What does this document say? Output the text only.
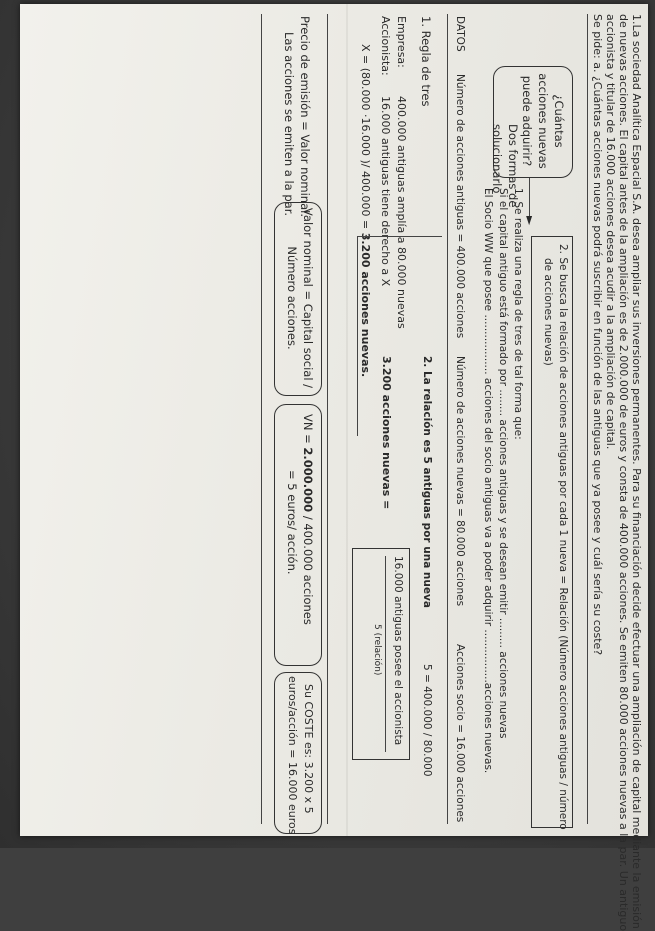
1.La sociedad Analítica Espacial S.A. desea ampliar sus inversiones permanentes. Para su financiación decide efectuar una ampliación de capital mediante la emisión
de nuevas acciones. El capital antes de la ampliación es de 2.000.000 de euros y consta de 400.000 acciones. Se emiten 80.000 acciones nuevas a la par. Un antiguo
accionista y titular de 16.000 acciones desea acudir a la ampliación de capital.
Se pide: a. ¿Cuántas acciones nuevas podrá suscribir en función de las antiguas que ya posee y cuál sería su coste?
¿Cuántas
acciones nuevas
puede adquirir?
►
Dos formas de
solucionarlo
2. Se busca la relación de acciones antiguas por cada 1 nueva = Relación (Número acciones antiguas / número
de acciones nuevas)
1. Se realiza una regla de tres de tal forma que:
Si el capital antiguo está formado por ........ acciones antiguas y se desean emitir ......... acciones nuevas
El Socio WW que posee .................. acciones del socio antiguas va a poder adquirir ................acciones nuevas.
DATOS
Número de acciones antiguas = 400.000 acciones
Número de acciones nuevas = 80.000 acciones
Acciones socio = 16.000 acciones
1. Regla de tres
Empresa:
400.000 antiguas amplía a 80.000 nuevas
Accionista:
16.000 antiguas tiene derecho a X
X = (80.000 ·16.000 )/ 400.000 = 3.200 acciones nuevas.
2. La relación es 5 antiguas por una nueva
5 = 400.000 / 80.000
3.200 acciones nuevas =
16.000 antiguas posee el accionista
5 (relación)
Precio de emisión = Valor nominal.
Las acciones se emiten a la par.
Valor nominal = Capital social /
Número acciones.
VN = 2.000.000 / 400.000 acciones
= 5 euros/ acción.
Su COSTE es: 3.200 x 5
euros/acción = 16.000 euros
